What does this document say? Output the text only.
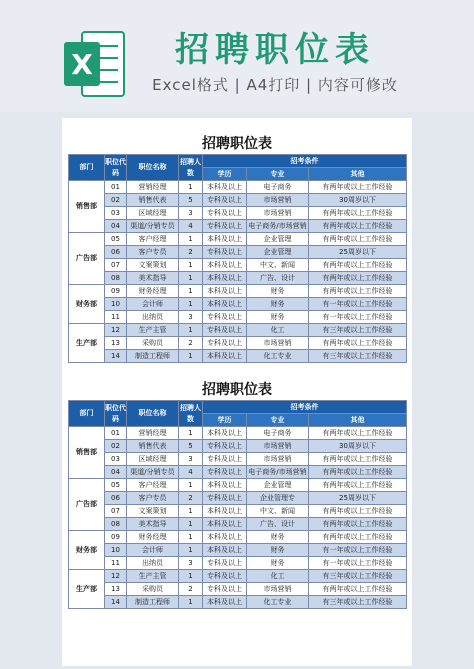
X	招聘职位表
Excel格式 | A4打印 | 内容可修改
招聘职位表
部门	职位代码	职位名称	招聘人数	招考条件		
				学历	专业	其他
销售部	01	营销经理	1	本科及以上	电子商务	有两年或以上工作经验
	02	销售代表	5	专科及以上	市场营销	30周岁以下
	03	区域经理	3	专科及以上	市场营销	有两年或以上工作经验
	04	渠道/分销专员	4	专科及以上	电子商务/市场营销	有两年或以上工作经验
广告部	05	客户经理	1	本科及以上	企业管理	有两年或以上工作经验
	06	客户专员	2	专科及以上	企业管理	25周岁以下
	07	文案策划	1	本科及以上	中文、新闻	有两年或以上工作经验
	08	美术指导	1	本科及以上	广告、设计	有两年或以上工作经验
财务部	09	财务经理	1	本科及以上	财务	有两年或以上工作经验
	10	会计师	1	本科及以上	财务	有一年或以上工作经验
	11	出纳员	3	专科及以上	财务	有一年或以上工作经验
生产部	12	生产主管	1	专科及以上	化工	有三年或以上工作经验
	13	采购员	2	专科及以上	市场营销	有两年或以上工作经验
	14	制造工程师	1	本科及以上	化工专业	有三年或以上工作经验
招聘职位表
部门	职位代码	职位名称	招聘人数	招考条件		
				学历	专业	其他
销售部	01	营销经理	1	本科及以上	电子商务	有两年或以上工作经验
	02	销售代表	5	专科及以上	市场营销	30周岁以下
	03	区域经理	3	专科及以上	市场营销	有两年或以上工作经验
	04	渠道/分销专员	4	专科及以上	电子商务/市场营销	有两年或以上工作经验
广告部	05	客户经理	1	本科及以上	企业管理	有两年或以上工作经验
	06	客户专员	2	专科及以上	企业管理专	25周岁以下
	07	文案策划	1	本科及以上	中文、新闻	有两年或以上工作经验
	08	美术指导	1	本科及以上	广告、设计	有两年或以上工作经验
财务部	09	财务经理	1	本科及以上	财务	有两年或以上工作经验
	10	会计师	1	本科及以上	财务	有一年或以上工作经验
	11	出纳员	3	专科及以上	财务	有一年或以上工作经验
生产部	12	生产主管	1	专科及以上	化工	有三年或以上工作经验
	13	采购员	2	专科及以上	市场营销	有两年或以上工作经验
	14	制造工程师	1	本科及以上	化工专业	有三年或以上工作经验
